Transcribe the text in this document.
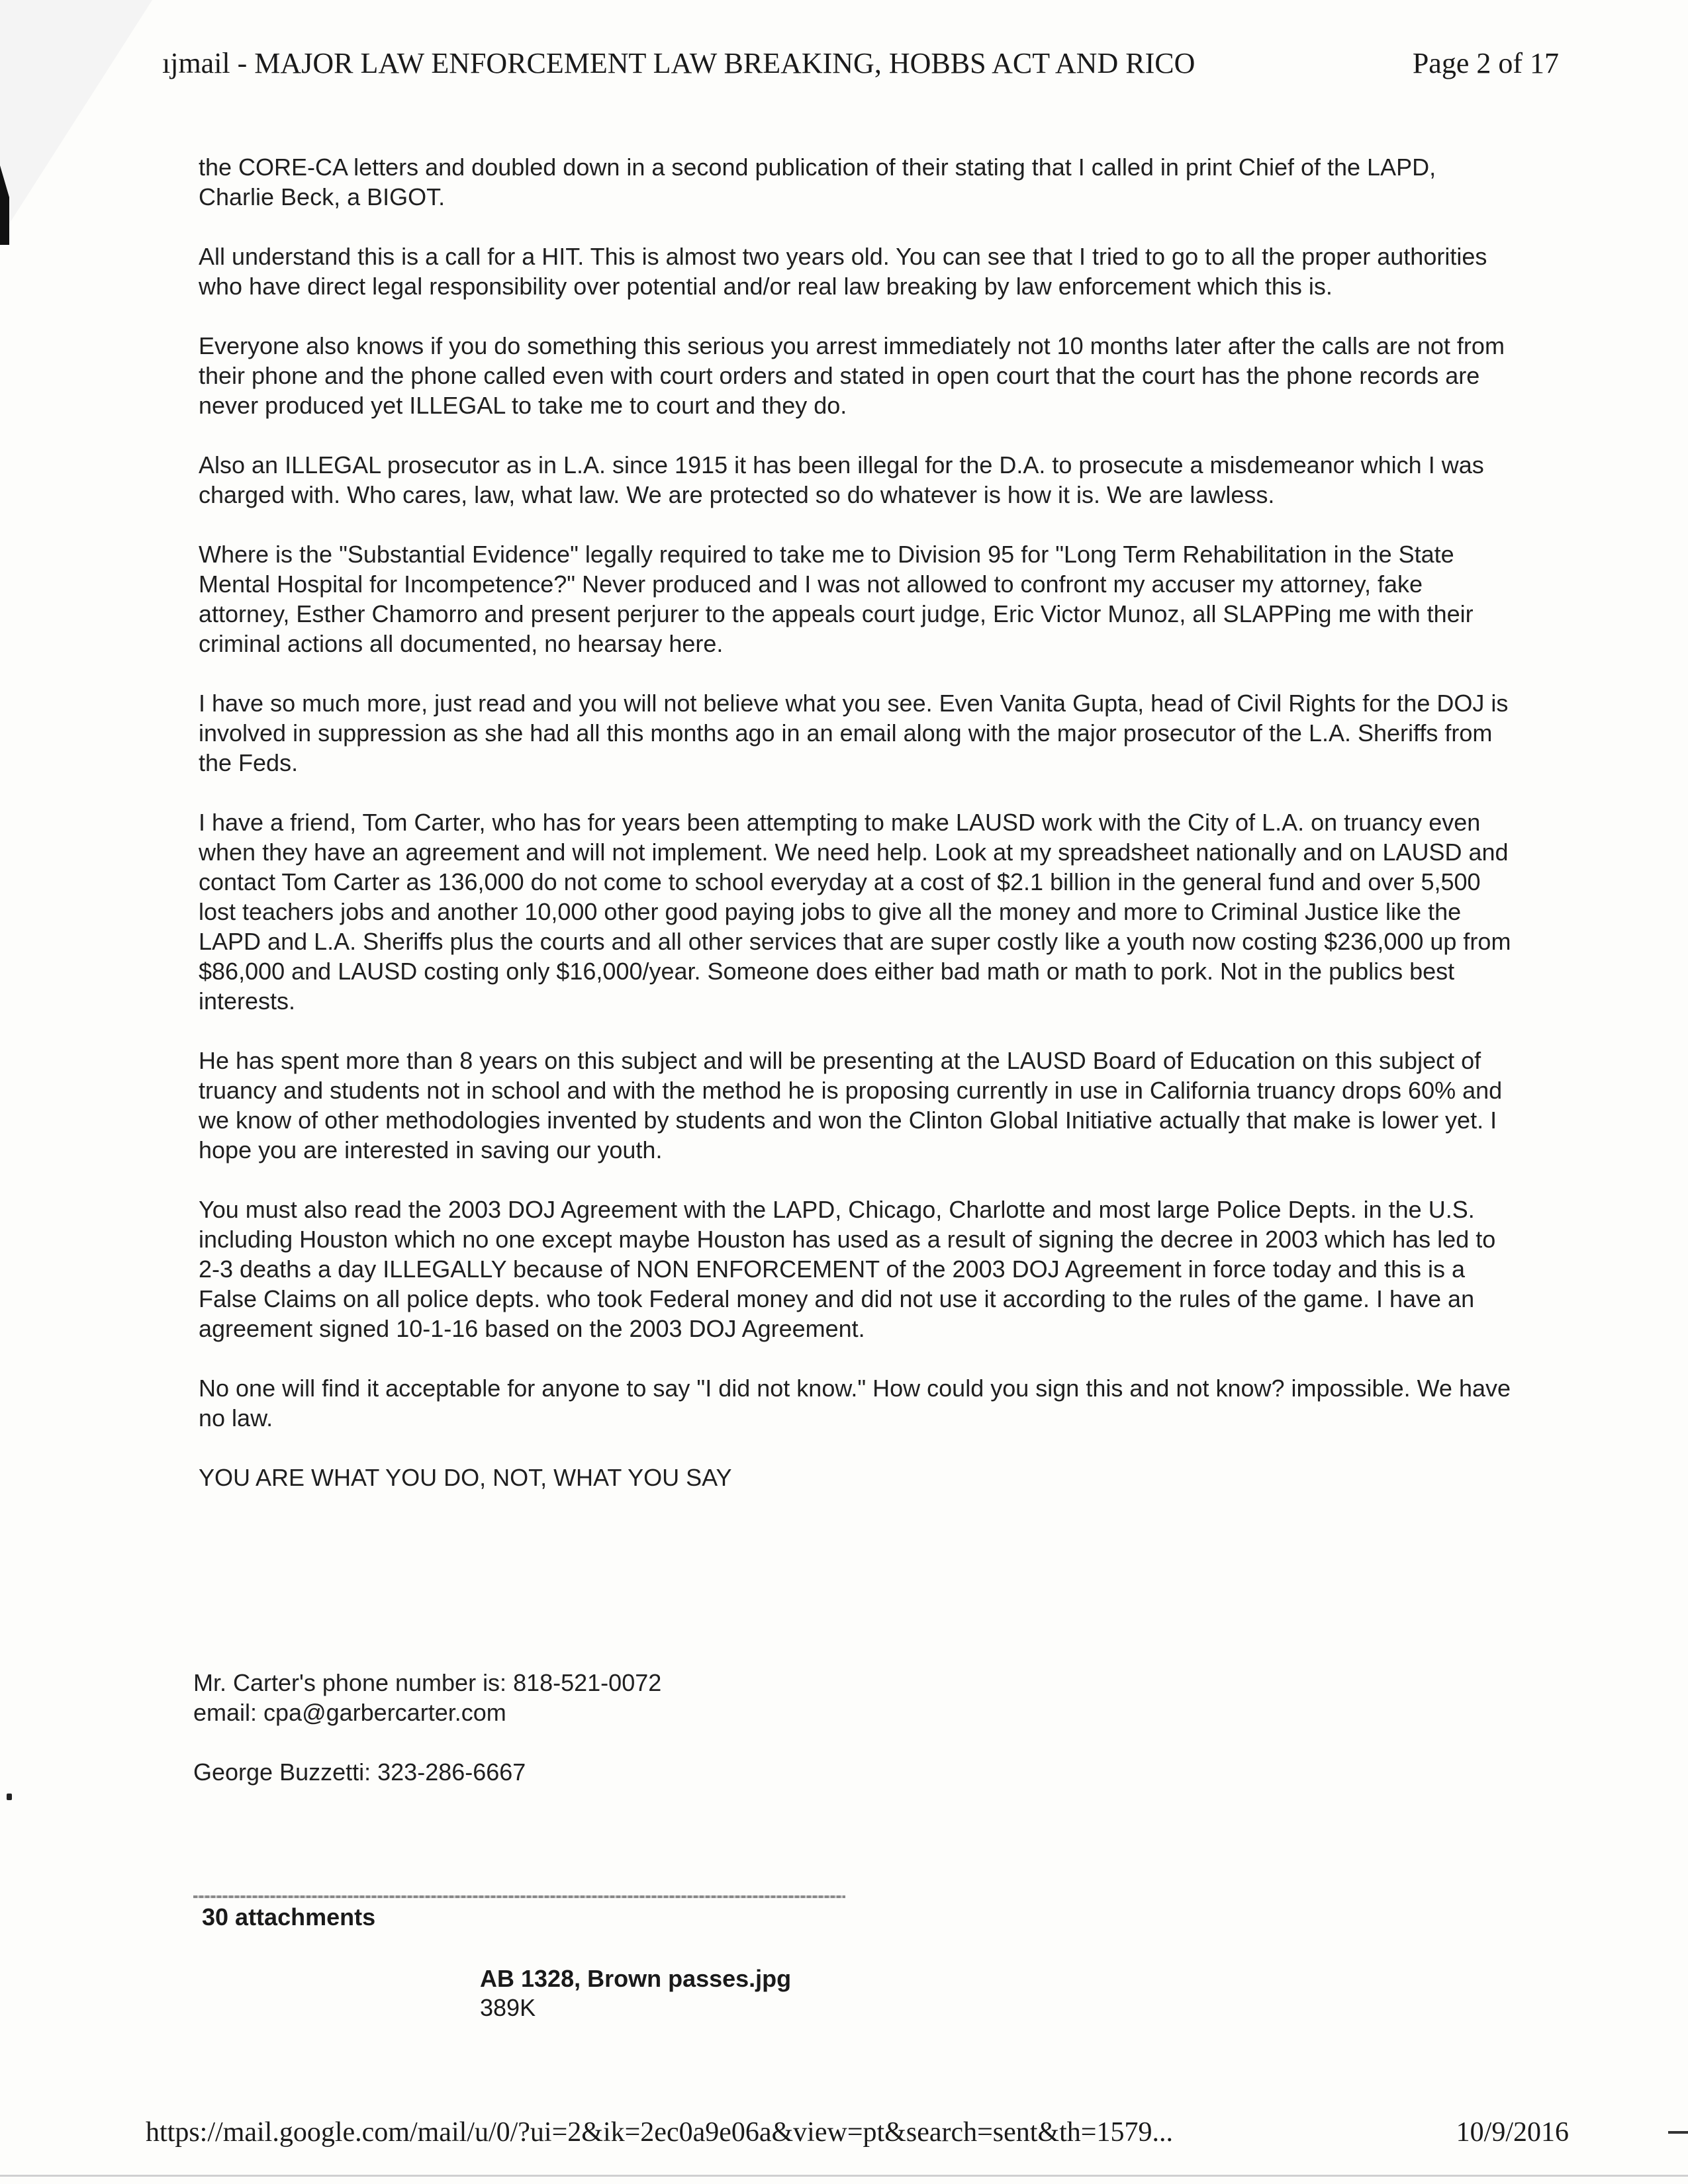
ıjmail - MAJOR LAW ENFORCEMENT LAW BREAKING, HOBBS ACT AND RICO	Page 2 of 17

the CORE-CA letters and doubled down in a second publication of their stating that I called in print Chief of the LAPD, Charlie Beck, a BIGOT.

All understand this is a call for a HIT. This is almost two years old. You can see that I tried to go to all the proper authorities who have direct legal responsibility over potential and/or real law breaking by law enforcement which this is.

Everyone also knows if you do something this serious you arrest immediately not 10 months later after the calls are not from their phone and the phone called even with court orders and stated in open court that the court has the phone records are never produced yet ILLEGAL to take me to court and they do.

Also an ILLEGAL prosecutor as in L.A. since 1915 it has been illegal for the D.A. to prosecute a misdemeanor which I was charged with. Who cares, law, what law. We are protected so do whatever is how it is. We are lawless.

Where is the "Substantial Evidence" legally required to take me to Division 95 for "Long Term Rehabilitation in the State Mental Hospital for Incompetence?" Never produced and I was not allowed to confront my accuser my attorney, fake attorney, Esther Chamorro and present perjurer to the appeals court judge, Eric Victor Munoz, all SLAPPing me with their criminal actions all documented, no hearsay here.

I have so much more, just read and you will not believe what you see. Even Vanita Gupta, head of Civil Rights for the DOJ is involved in suppression as she had all this months ago in an email along with the major prosecutor of the L.A. Sheriffs from the Feds.

I have a friend, Tom Carter, who has for years been attempting to make LAUSD work with the City of L.A. on truancy even when they have an agreement and will not implement. We need help. Look at my spreadsheet nationally and on LAUSD and contact Tom Carter as 136,000 do not come to school everyday at a cost of $2.1 billion in the general fund and over 5,500 lost teachers jobs and another 10,000 other good paying jobs to give all the money and more to Criminal Justice like the LAPD and L.A. Sheriffs plus the courts and all other services that are super costly like a youth now costing $236,000 up from $86,000 and LAUSD costing only $16,000/year. Someone does either bad math or math to pork. Not in the publics best interests.

He has spent more than 8 years on this subject and will be presenting at the LAUSD Board of Education on this subject of truancy and students not in school and with the method he is proposing currently in use in California truancy drops 60% and we know of other methodologies invented by students and won the Clinton Global Initiative actually that make is lower yet. I hope you are interested in saving our youth.

You must also read the 2003 DOJ Agreement with the LAPD, Chicago, Charlotte and most large Police Depts. in the U.S. including Houston which no one except maybe Houston has used as a result of signing the decree in 2003 which has led to 2-3 deaths a day ILLEGALLY because of NON ENFORCEMENT of the 2003 DOJ Agreement in force today and this is a False Claims on all police depts. who took Federal money and did not use it according to the rules of the game. I have an agreement signed 10-1-16 based on the 2003 DOJ Agreement.

No one will find it acceptable for anyone to say "I did not know." How could you sign this and not know? impossible. We have no law.

YOU ARE WHAT YOU DO, NOT, WHAT YOU SAY

Mr. Carter's phone number is: 818-521-0072

email: cpa@garbercarter.com

George Buzzetti: 323-286-6667

30 attachments
AB 1328, Brown passes.jpg
389K
https://mail.google.com/mail/u/0/?ui=2&ik=2ec0a9e06a&view=pt&search=sent&th=1579...	10/9/2016
